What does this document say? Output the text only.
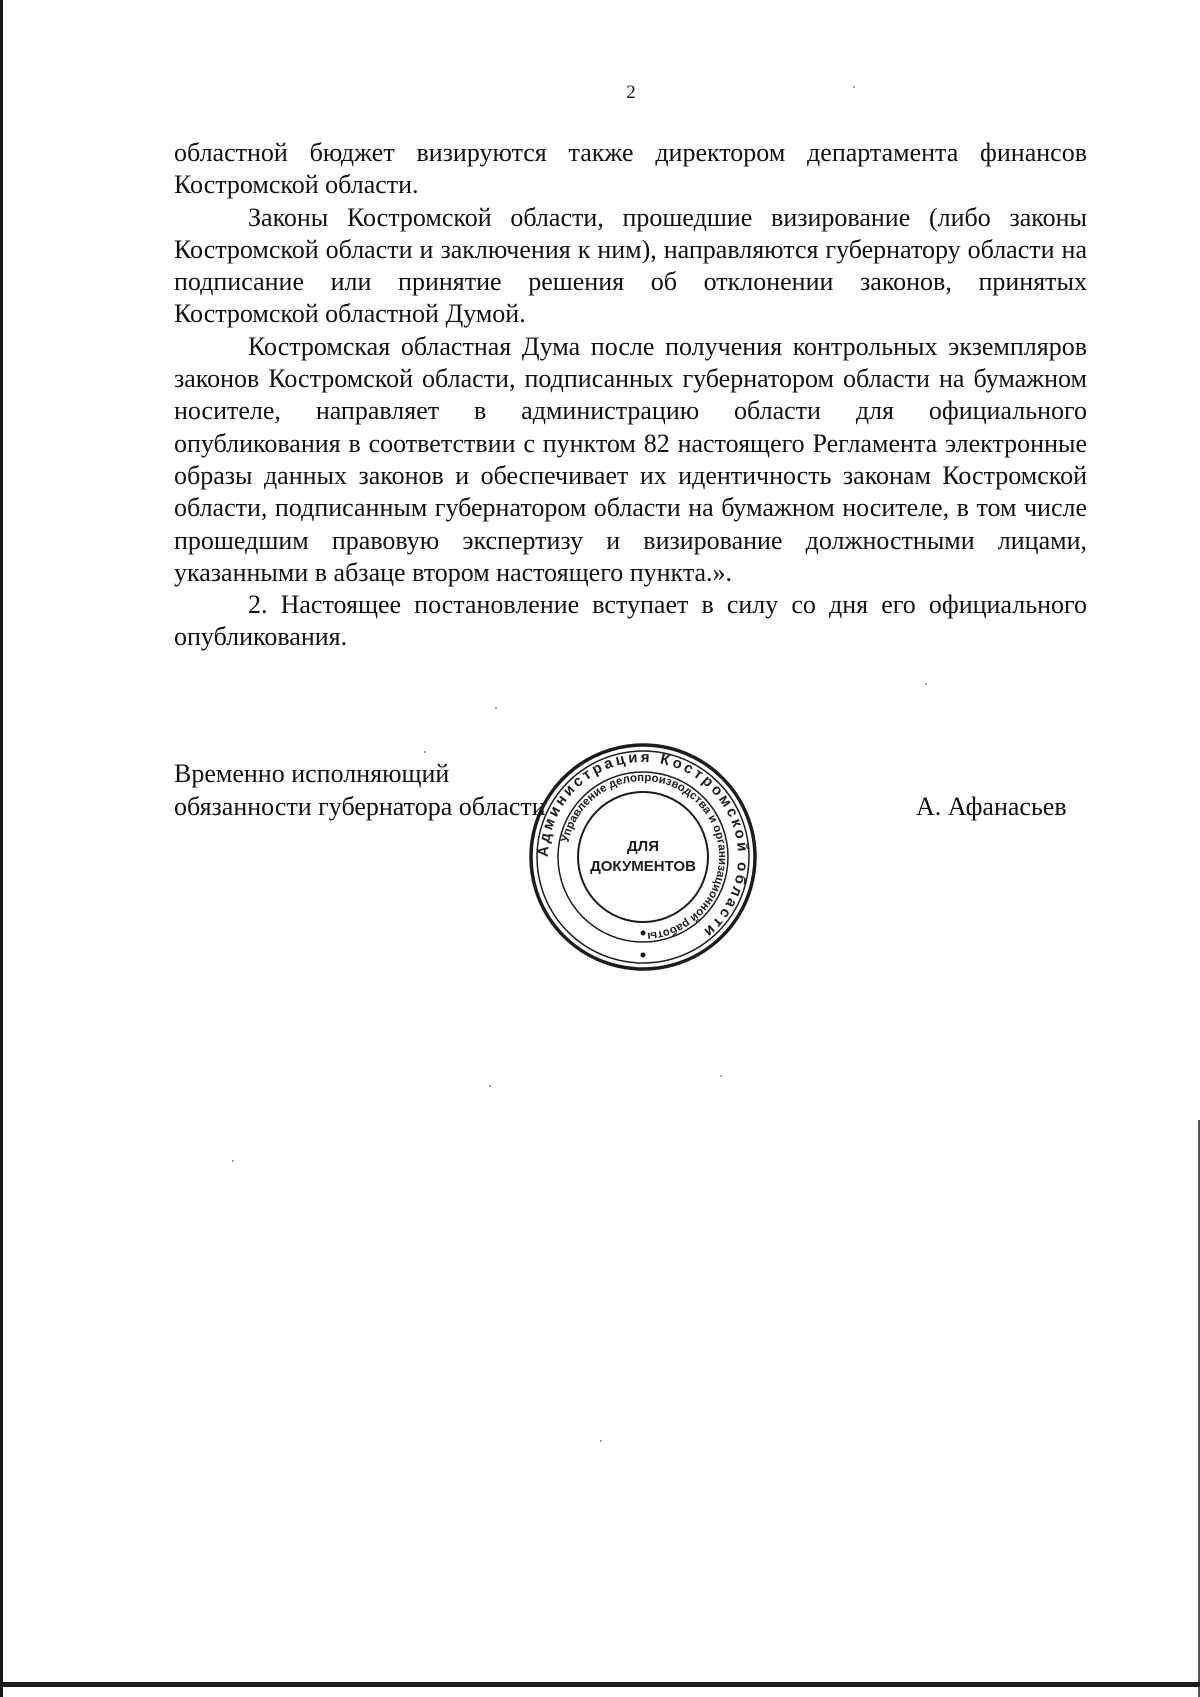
2

областной бюджет визируются также директором департамента финансов Костромской области.

Законы Костромской области, прошедшие визирование (либо законы Костромской области и заключения к ним), направляются губернатору области на подписание или принятие решения об отклонении законов, принятых Костромской областной Думой.

Костромская областная Дума после получения контрольных экземпляров законов Костромской области, подписанных губернатором области на бумажном носителе, направляет в администрацию области для официального опубликования в соответствии с пунктом 82 настоящего Регламента электронные образы данных законов и обеспечивает их идентичность законам Костромской области, подписанным губернатором области на бумажном носителе, в том числе прошедшим правовую экспертизу и визирование должностными лицами, указанными в абзаце втором настоящего пункта.».

2. Настоящее постановление вступает в силу со дня его официального опубликования.

Временно исполняющий
обязанности губернатора области	А. Афанасьев
Администрация Костромской области
Управление делопроизводства и организационной работы
ДЛЯ
ДОКУМЕНТОВ
